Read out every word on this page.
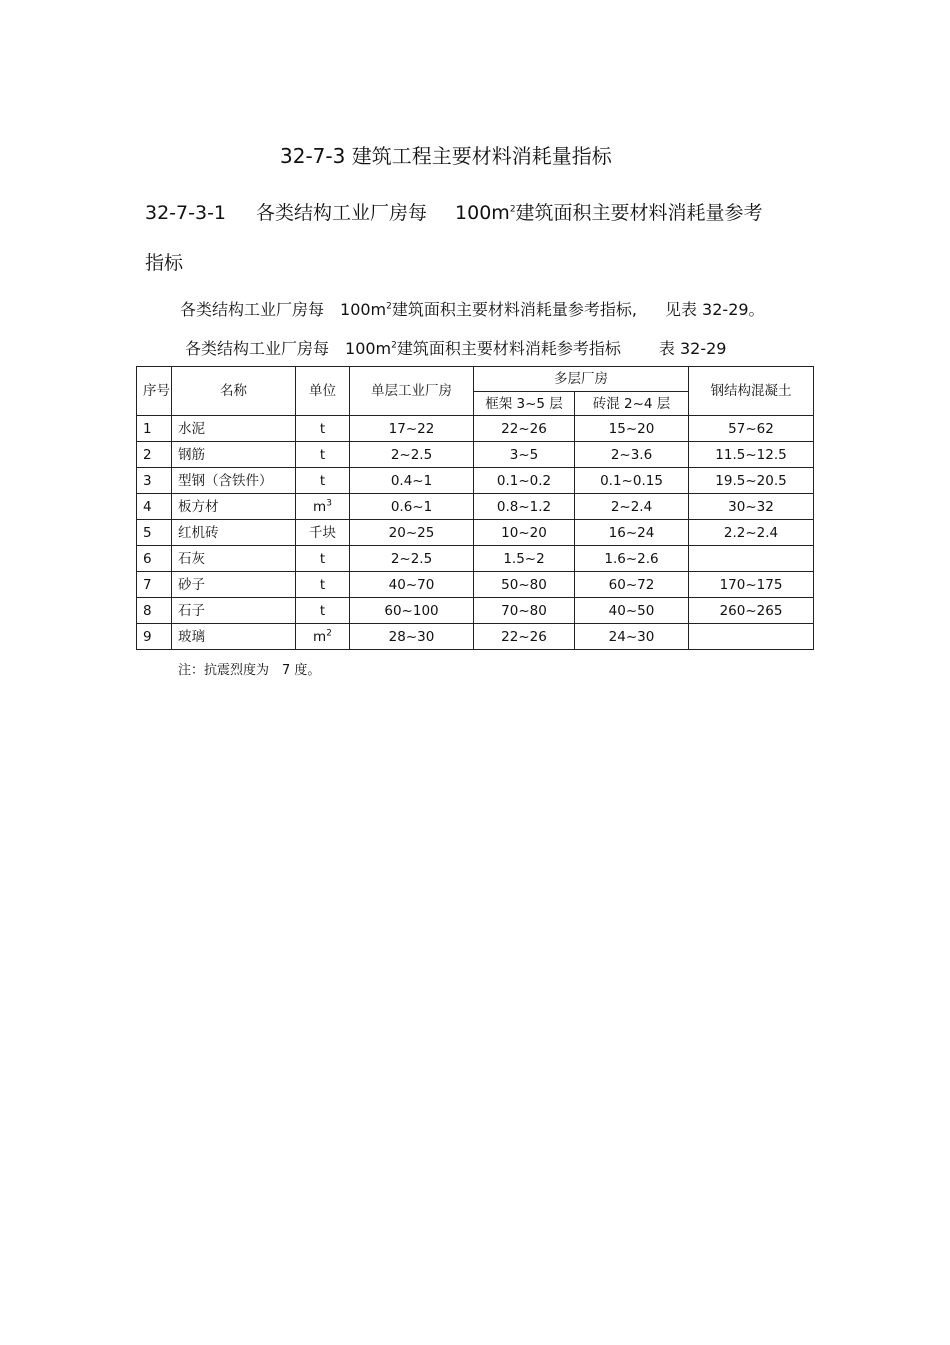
32-7-3 建筑工程主要材料消耗量指标
32-7-3-1 各类结构工业厂房每 $100m^2$建筑面积主要材料消耗量参考
指标
各类结构工业厂房每 $100m^2$建筑面积主要材料消耗量参考指标, 见表 32-29。
各类结构工业厂房每 $100m^2$建筑面积主要材料消耗参考指标 表 32-29
序号	名称	单位	单层工业厂房	多层厂房		钢结构混凝土
				框架 3~5 层	砖混 2~4 层	
1	水泥	t	17~22	22~26	15~20	57~62
2	钢筋	t	2~2.5	3~5	2~3.6	11.5~12.5
3	型钢（含铁件）	t	0.4~1	0.1~0.2	0.1~0.15	19.5~20.5
4	板方材	$m^3$	0.6~1	0.8~1.2	2~2.4	30~32
5	红机砖	千块	20~25	10~20	16~24	2.2~2.4
6	石灰	t	2~2.5	1.5~2	1.6~2.6	
7	砂子	t	40~70	50~80	60~72	170~175
8	石子	t	60~100	70~80	40~50	260~265
9	玻璃	$m^2$	28~30	22~26	24~30	
注：抗震烈度为　7 度。
